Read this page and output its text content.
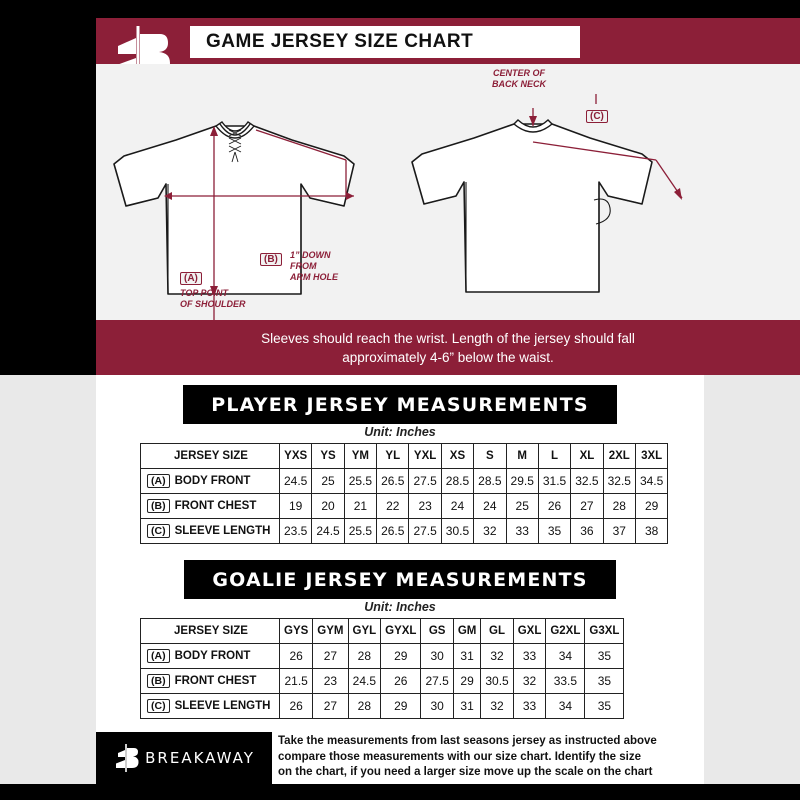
GAME JERSEY SIZE CHART
(A)
TOP POINT
OF SHOULDER
(B)	1” DOWN
FROM
ARM HOLE
CENTER OF
BACK NECK
(C)
Sleeves should reach the wrist. Length of the jersey should fall
approximately 4-6” below the waist.
PLAYER JERSEY MEASUREMENTS
Unit: Inches
JERSEY SIZE	YXS	YS	YM	YL	YXL	XS	S	M	L	XL	2XL	3XL
(A) BODY FRONT	24.5	25	25.5	26.5	27.5	28.5	28.5	29.5	31.5	32.5	32.5	34.5
(B) FRONT CHEST	19	20	21	22	23	24	24	25	26	27	28	29
(C) SLEEVE LENGTH	23.5	24.5	25.5	26.5	27.5	30.5	32	33	35	36	37	38
GOALIE JERSEY MEASUREMENTS
Unit: Inches
JERSEY SIZE	GYS	GYM	GYL	GYXL	GS	GM	GL	GXL	G2XL	G3XL
(A) BODY FRONT	26	27	28	29	30	31	32	33	34	35
(B) FRONT CHEST	21.5	23	24.5	26	27.5	29	30.5	32	33.5	35
(C) SLEEVE LENGTH	26	27	28	29	30	31	32	33	34	35
BREAKAWAY
Take the measurements from last seasons jersey as instructed above
compare those measurements with our size chart. Identify the size
on the chart, if you need a larger size move up the scale on the chart
